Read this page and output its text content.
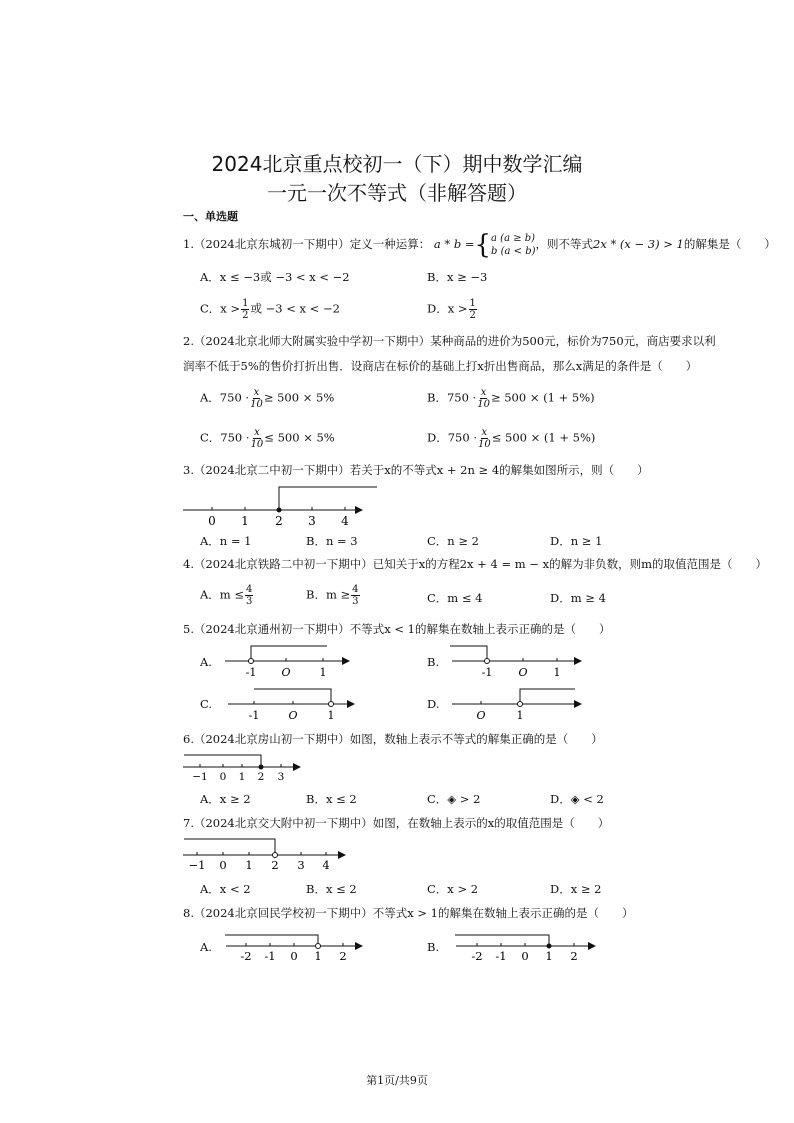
2024北京重点校初一（下）期中数学汇编
一元一次不等式（非解答题）
一、单选题
1.（2024北京东城初一下期中）定义一种运算： a * b ={a (a ≥ b)
b (a < b)，则不等式2x * (x − 3) > 1的解集是（　　）
A．x ≤ −3或 −3 < x < −2	B．x ≥ −3
C．$x > \frac{1}{2}$ 或 −3 < x < −2	D．$x > \frac{1}{2}$
2.（2024北京北师大附属实验中学初一下期中）某种商品的进价为500元，标价为750元，商店要求以利
润率不低于5%的售价打折出售．设商店在标价的基础上打x折出售商品，那么x满足的条件是（　　）
A．$750 \cdot \frac{x}{10} \ge 500 \times 5\%$	B．$750 \cdot \frac{x}{10} \ge 500 \times (1 + 5\%)$
C．$750 \cdot \frac{x}{10} \le 500 \times 5\%$	D．$750 \cdot \frac{x}{10} \le 500 \times (1 + 5\%)$
3.（2024北京二中初一下期中）若关于x的不等式x + 2n ≥ 4的解集如图所示，则（　　）
0 1 2 3 4
A．n = 1	B．n = 3	C．n ≥ 2	D．n ≥ 1
4.（2024北京铁路二中初一下期中）已知关于x的方程2x + 4 = m − x的解为非负数，则m的取值范围是（　　）
A．$m \le \frac{4}{3}$	B．$m \ge \frac{4}{3}$	C．m ≤ 4	D．m ≥ 4
5.（2024北京通州初一下期中）不等式x < 1的解集在数轴上表示正确的是（　　）
A.
-1 O	1
B.
-1 O 1
C.
-1	O	1
D.
O	1
6.（2024北京房山初一下期中）如图，数轴上表示不等式的解集正确的是（　　）
−1 0 1 2 3
A．x ≥ 2	B．x ≤ 2	C．◈ > 2	D．◈ < 2
7.（2024北京交大附中初一下期中）如图，在数轴上表示的x的取值范围是（　　）
−1 0 1 2 3 4
A．x < 2	B．x ≤ 2	C．x > 2	D．x ≥ 2
8.（2024北京回民学校初一下期中）不等式x > 1的解集在数轴上表示正确的是（　　）
A.
-2 -1 0 1 2
B.
-2 -1 0 1 2
第1页/共9页
